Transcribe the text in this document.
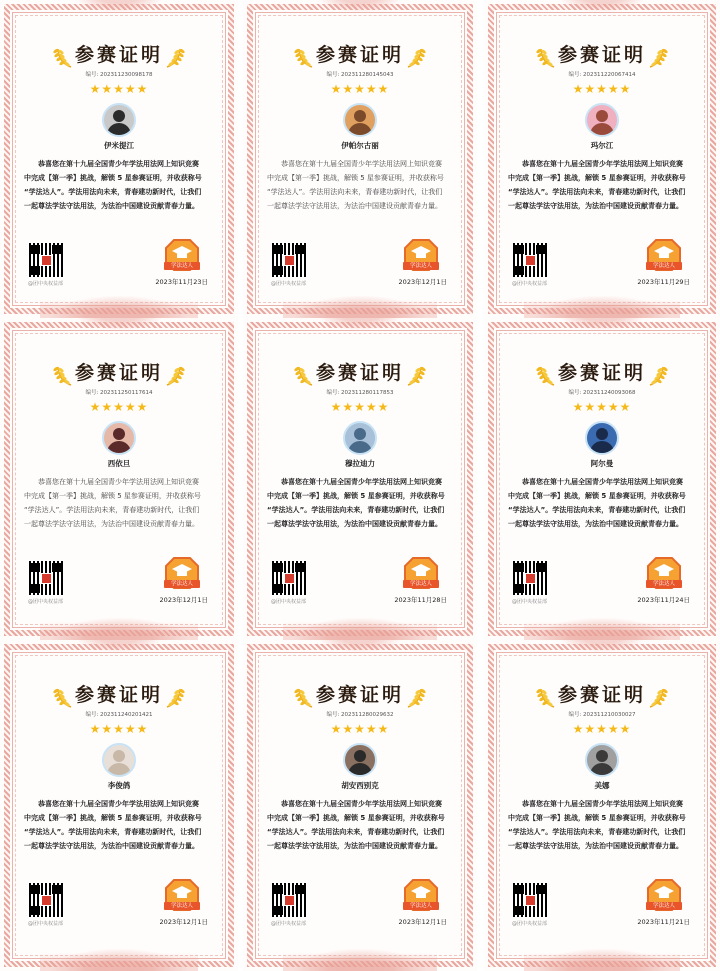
参赛证明
编号: 202311230098178
★★★★★
伊米提江
恭喜您在第十九届全国青少年学法用法网上知识竞赛
中完成【第一季】挑战，解锁 5 星参赛证明，并收获称号
“学法达人”。学法用法向未来，青春建功新时代，让我们
一起尊法学法守法用法，为法治中国建设贡献青春力量。
@团中央权益部
学法达人
2023年11月23日
参赛证明
编号: 202311280145043
★★★★★
伊帕尔古丽
恭喜您在第十九届全国青少年学法用法网上知识竞赛
中完成【第一季】挑战，解锁 5 星参赛证明，并收获称号
“学法达人”。学法用法向未来，青春建功新时代，让我们
一起尊法学法守法用法，为法治中国建设贡献青春力量。
@团中央权益部
学法达人
2023年12月1日
参赛证明
编号: 202311220067414
★★★★★
玛尔江
恭喜您在第十九届全国青少年学法用法网上知识竞赛
中完成【第一季】挑战，解锁 5 星参赛证明，并收获称号
“学法达人”。学法用法向未来，青春建功新时代，让我们
一起尊法学法守法用法，为法治中国建设贡献青春力量。
@团中央权益部
学法达人
2023年11月29日
参赛证明
编号: 202311250117614
★★★★★
西依旦
恭喜您在第十九届全国青少年学法用法网上知识竞赛
中完成【第一季】挑战，解锁 5 星参赛证明，并收获称号
“学法达人”。学法用法向未来，青春建功新时代，让我们
一起尊法学法守法用法，为法治中国建设贡献青春力量。
@团中央权益部
学法达人
2023年12月1日
参赛证明
编号: 202311280117853
★★★★★
穆拉迪力
恭喜您在第十九届全国青少年学法用法网上知识竞赛
中完成【第一季】挑战，解锁 5 星参赛证明，并收获称号
“学法达人”。学法用法向未来，青春建功新时代，让我们
一起尊法学法守法用法，为法治中国建设贡献青春力量。
@团中央权益部
学法达人
2023年11月28日
参赛证明
编号: 202311240093068
★★★★★
阿尔曼
恭喜您在第十九届全国青少年学法用法网上知识竞赛
中完成【第一季】挑战，解锁 5 星参赛证明，并收获称号
“学法达人”。学法用法向未来，青春建功新时代，让我们
一起尊法学法守法用法，为法治中国建设贡献青春力量。
@团中央权益部
学法达人
2023年11月24日
参赛证明
编号: 202311240201421
★★★★★
李俊鸽
恭喜您在第十九届全国青少年学法用法网上知识竞赛
中完成【第一季】挑战，解锁 5 星参赛证明，并收获称号
“学法达人”。学法用法向未来，青春建功新时代，让我们
一起尊法学法守法用法，为法治中国建设贡献青春力量。
@团中央权益部
学法达人
2023年12月1日
参赛证明
编号: 202311280029632
★★★★★
胡安西别克
恭喜您在第十九届全国青少年学法用法网上知识竞赛
中完成【第一季】挑战，解锁 5 星参赛证明，并收获称号
“学法达人”。学法用法向未来，青春建功新时代，让我们
一起尊法学法守法用法，为法治中国建设贡献青春力量。
@团中央权益部
学法达人
2023年12月1日
参赛证明
编号: 202311210030027
★★★★★
美娜
恭喜您在第十九届全国青少年学法用法网上知识竞赛
中完成【第一季】挑战，解锁 5 星参赛证明，并收获称号
“学法达人”。学法用法向未来，青春建功新时代，让我们
一起尊法学法守法用法，为法治中国建设贡献青春力量。
@团中央权益部
学法达人
2023年11月21日
